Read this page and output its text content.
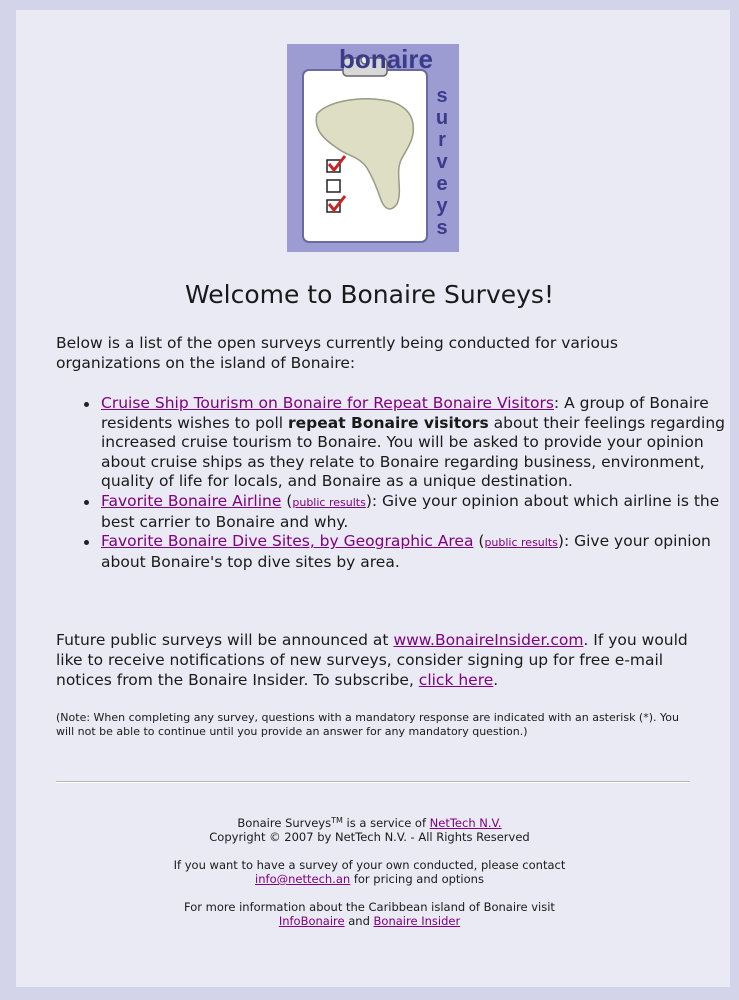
bonaire
s u r v e y s
Welcome to Bonaire Surveys!
Below is a list of the open surveys currently being conducted for various organizations on the island of Bonaire:
Cruise Ship Tourism on Bonaire for Repeat Bonaire Visitors: A group of Bonaire residents wishes to poll repeat Bonaire visitors about their feelings regarding increased cruise tourism to Bonaire. You will be asked to provide your opinion about cruise ships as they relate to Bonaire regarding business, environment, quality of life for locals, and Bonaire as a unique destination.
Favorite Bonaire Airline (public results): Give your opinion about which airline is the best carrier to Bonaire and why.
Favorite Bonaire Dive Sites, by Geographic Area (public results): Give your opinion about Bonaire's top dive sites by area.
Future public surveys will be announced at www.BonaireInsider.com. If you would like to receive notifications of new surveys, consider signing up for free e-mail notices from the Bonaire Insider. To subscribe, click here.
(Note: When completing any survey, questions with a mandatory response are indicated with an asterisk (*). You will not be able to continue until you provide an answer for any mandatory question.)

Bonaire Surveys™ is a service of NetTech N.V.
Copyright © 2007 by NetTech N.V. - All Rights Reserved

If you want to have a survey of your own conducted, please contact
info@nettech.an for pricing and options

For more information about the Caribbean island of Bonaire visit
InfoBonaire and Bonaire Insider
